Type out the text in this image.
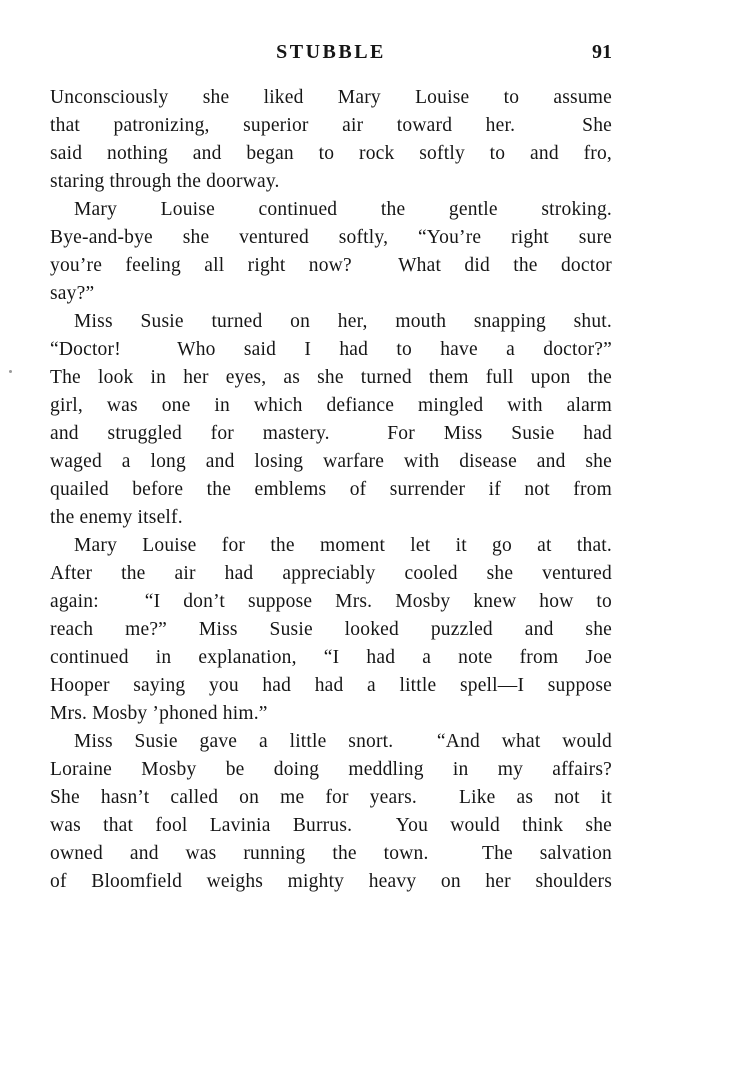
STUBBLE	91
Unconsciously she liked Mary Louise to assume
that patronizing, superior air toward her.  She
said nothing and began to rock softly to and fro,
staring through the doorway.
Mary Louise continued the gentle stroking.
Bye-and-bye she ventured softly, “You’re right sure
you’re feeling all right now?  What did the doctor
say?”
Miss Susie turned on her, mouth snapping shut.
“Doctor!  Who said I had to have a doctor?”
The look in her eyes, as she turned them full upon the
girl, was one in which defiance mingled with alarm
and struggled for mastery.  For Miss Susie had
waged a long and losing warfare with disease and she
quailed before the emblems of surrender if not from
the enemy itself.
Mary Louise for the moment let it go at that.
After the air had appreciably cooled she ventured
again:  “I don’t suppose Mrs. Mosby knew how to
reach me?” Miss Susie looked puzzled and she
continued in explanation, “I had a note from Joe
Hooper saying you had had a little spell—I suppose
Mrs. Mosby ’phoned him.”
Miss Susie gave a little snort.  “And what would
Loraine Mosby be doing meddling in my affairs?
She hasn’t called on me for years.  Like as not it
was that fool Lavinia Burrus.  You would think she
owned and was running the town.  The salvation
of Bloomfield weighs mighty heavy on her shoulders
